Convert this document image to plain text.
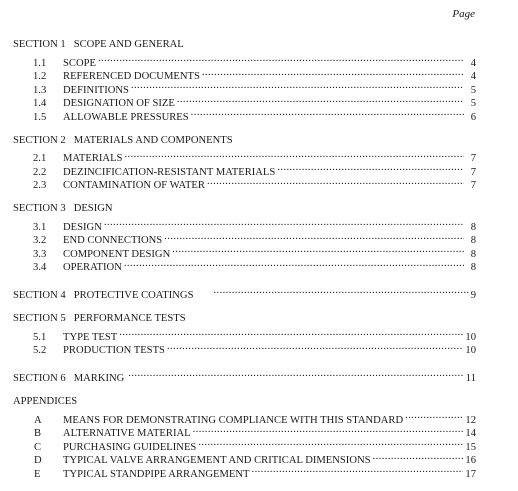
Page
SECTION 1 SCOPE AND GENERAL
1.1	SCOPE .....	4
1.2	REFERENCED DOCUMENTS .....	4
1.3	DEFINITIONS .....	5
1.4	DESIGNATION OF SIZE .....	5
1.5	ALLOWABLE PRESSURES .....	6
SECTION 2 MATERIALS AND COMPONENTS
2.1	MATERIALS .....	7
2.2	DEZINCIFICATION-RESISTANT MATERIALS .....	7
2.3	CONTAMINATION OF WATER .....	7
SECTION 3 DESIGN
3.1	DESIGN .....	8
3.2	END CONNECTIONS .....	8
3.3	COMPONENT DESIGN .....	8
3.4	OPERATION .....	8
SECTION 4 PROTECTIVE COATINGS .....	9
SECTION 5 PERFORMANCE TESTS
5.1	TYPE TEST .....	10
5.2	PRODUCTION TESTS .....	10
SECTION 6 MARKING .....	11
APPENDICES
A	MEANS FOR DEMONSTRATING COMPLIANCE WITH THIS STANDARD .....	12
B	ALTERNATIVE MATERIAL .....	14
C	PURCHASING GUIDELINES .....	15
D	TYPICAL VALVE ARRANGEMENT AND CRITICAL DIMENSIONS .....	16
E	TYPICAL STANDPIPE ARRANGEMENT .....	17
